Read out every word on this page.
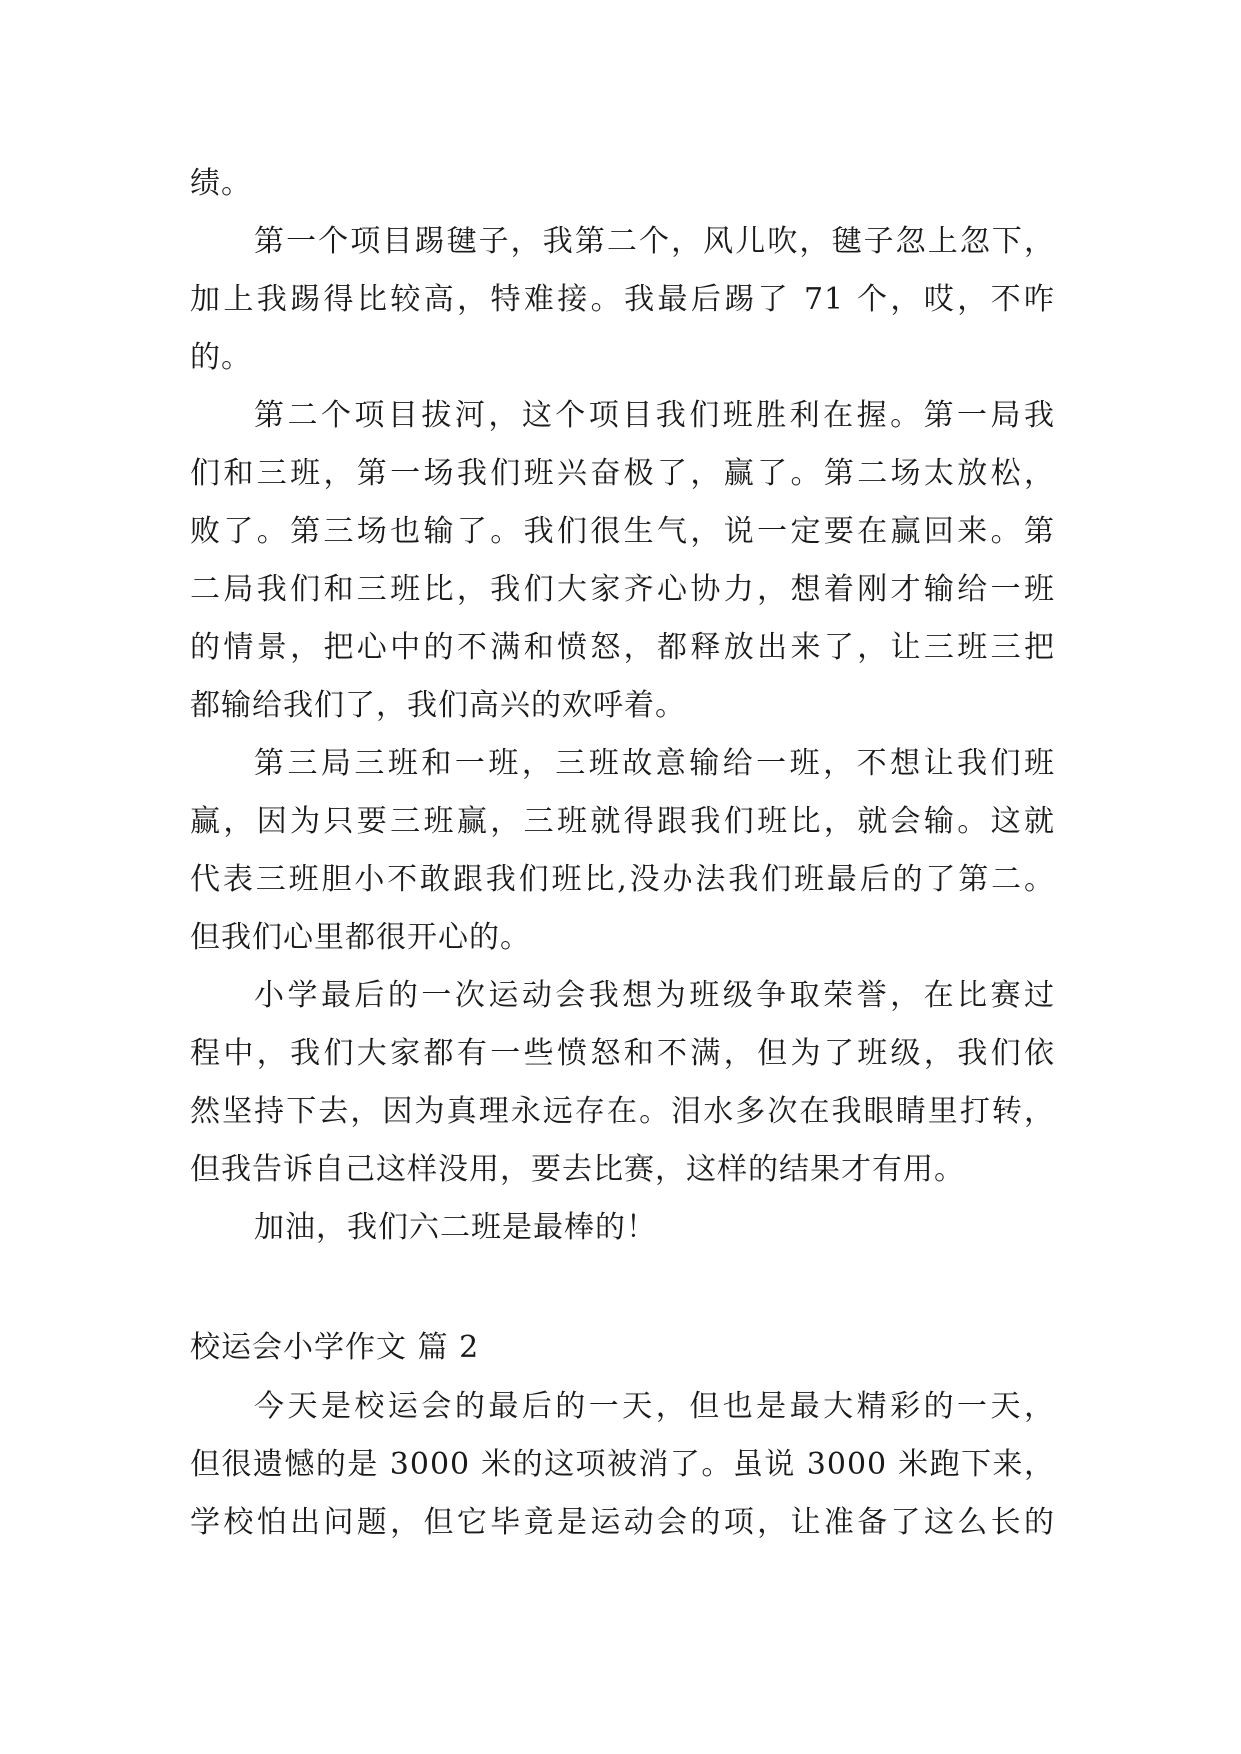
绩。
第一个项目踢毽子，我第二个，风儿吹，毽子忽上忽下，
加上我踢得比较高，特难接。我最后踢了 71 个，哎，不咋
的。
第二个项目拔河，这个项目我们班胜利在握。第一局我
们和三班，第一场我们班兴奋极了，赢了。第二场太放松，
败了。第三场也输了。我们很生气，说一定要在赢回来。第
二局我们和三班比，我们大家齐心协力，想着刚才输给一班
的情景，把心中的不满和愤怒，都释放出来了，让三班三把
都输给我们了，我们高兴的欢呼着。
第三局三班和一班，三班故意输给一班，不想让我们班
赢，因为只要三班赢，三班就得跟我们班比，就会输。这就
代表三班胆小不敢跟我们班比,没办法我们班最后的了第二。
但我们心里都很开心的。
小学最后的一次运动会我想为班级争取荣誉，在比赛过
程中，我们大家都有一些愤怒和不满，但为了班级，我们依
然坚持下去，因为真理永远存在。泪水多次在我眼睛里打转，
但我告诉自己这样没用，要去比赛，这样的结果才有用。
加油，我们六二班是最棒的！
校运会小学作文 篇 2
今天是校运会的最后的一天，但也是最大精彩的一天，
但很遗憾的是 3000 米的这项被消了。虽说 3000 米跑下来，
学校怕出问题，但它毕竟是运动会的项，让准备了这么长的
